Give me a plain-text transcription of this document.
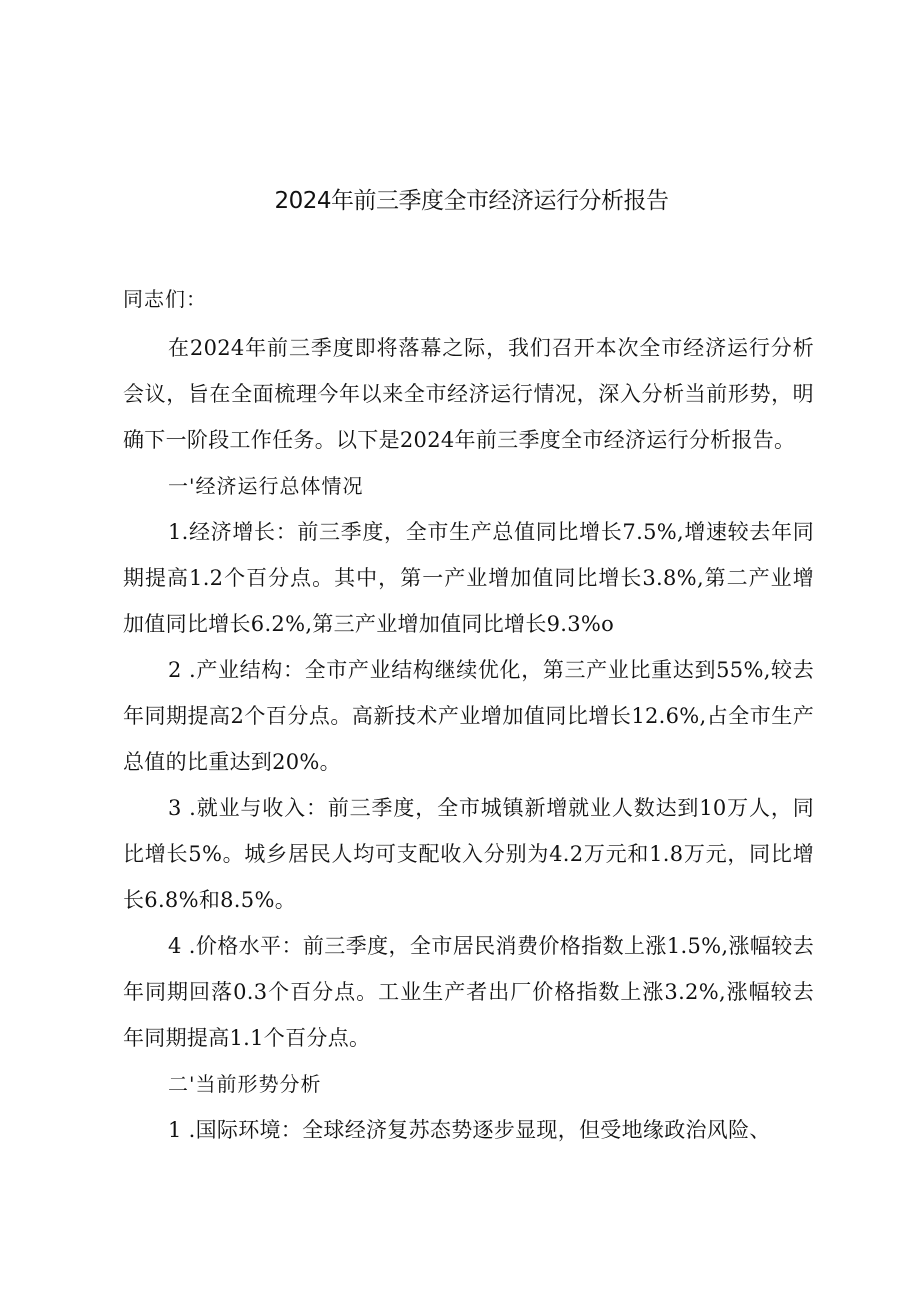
2024年前三季度全市经济运行分析报告
同志们：

在2024年前三季度即将落幕之际，我们召开本次全市经济运行分析会议，旨在全面梳理今年以来全市经济运行情况，深入分析当前形势，明确下一阶段工作任务。以下是2024年前三季度全市经济运行分析报告。

一'经济运行总体情况

1.经济增长：前三季度，全市生产总值同比增长7.5%,增速较去年同期提高1.2个百分点。其中，第一产业增加值同比增长3.8%,第二产业增加值同比增长6.2%,第三产业增加值同比增长9.3%o

2 .产业结构：全市产业结构继续优化，第三产业比重达到55%,较去年同期提高2个百分点。高新技术产业增加值同比增长12.6%,占全市生产总值的比重达到20%。

3 .就业与收入：前三季度，全市城镇新增就业人数达到10万人，同比增长5%。城乡居民人均可支配收入分别为4.2万元和1.8万元，同比增长6.8%和8.5%。

4 .价格水平：前三季度，全市居民消费价格指数上涨1.5%,涨幅较去年同期回落0.3个百分点。工业生产者出厂价格指数上涨3.2%,涨幅较去年同期提高1.1个百分点。

二'当前形势分析

1 .国际环境：全球经济复苏态势逐步显现，但受地缘政治风险、
